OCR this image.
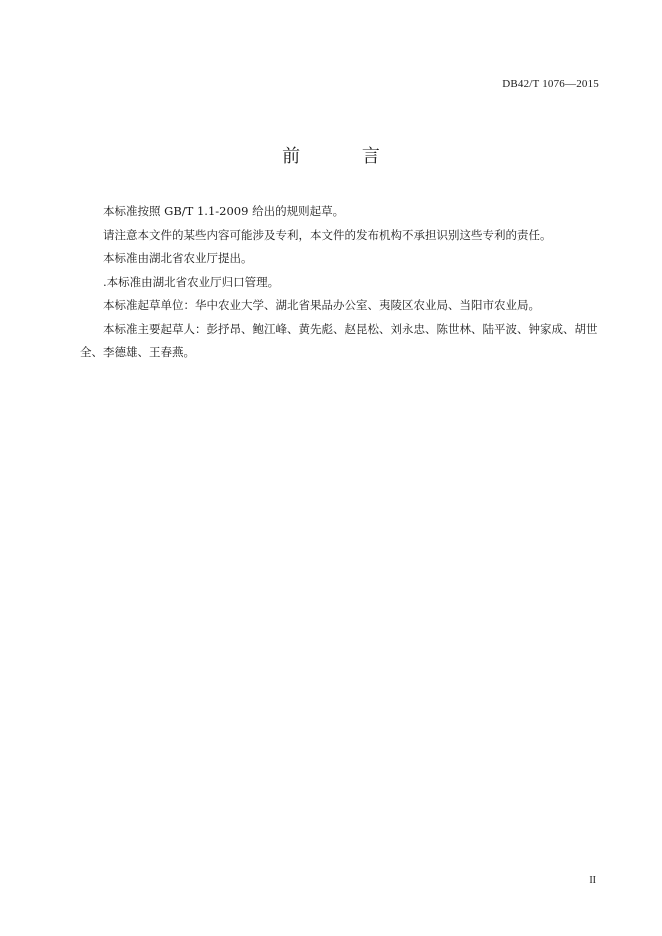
DB42/T 1076—2015
前 言

本标准按照 GB/T 1.1-2009 给出的规则起草。

请注意本文件的某些内容可能涉及专利，本文件的发布机构不承担识别这些专利的责任。

本标准由湖北省农业厅提出。

.本标准由湖北省农业厅归口管理。

本标准起草单位：华中农业大学、湖北省果品办公室、夷陵区农业局、当阳市农业局。

本标准主要起草人：彭抒昂、鲍江峰、黄先彪、赵昆松、刘永忠、陈世林、陆平波、钟家成、胡世全、李德雄、王春燕。

II
